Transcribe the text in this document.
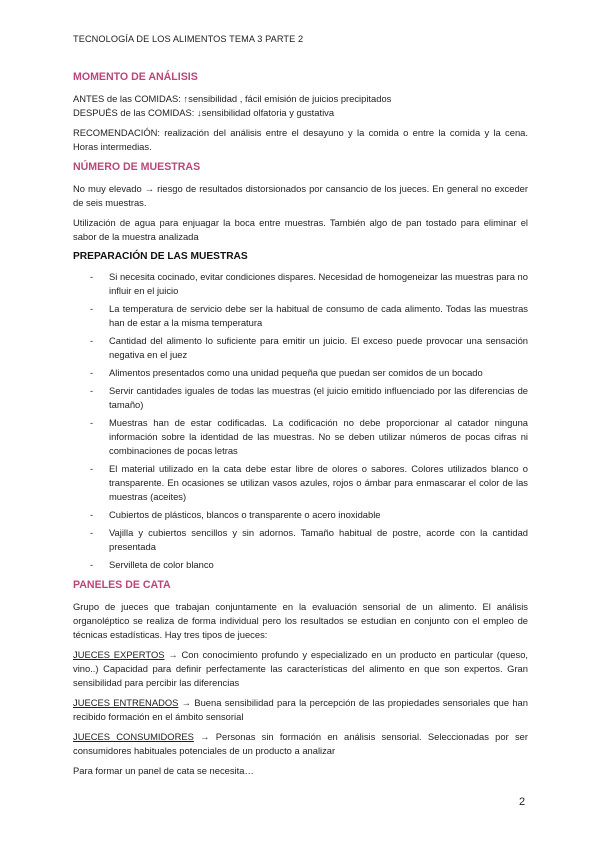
TECNOLOGÍA DE LOS ALIMENTOS TEMA 3 PARTE 2
MOMENTO DE ANÁLISIS

ANTES de las COMIDAS: ↑sensibilidad , fácil emisión de juicios precipitados

DESPUÉS de las COMIDAS: ↓sensibilidad olfatoria y gustativa

RECOMENDACIÓN: realización del análisis entre el desayuno y la comida o entre la comida y la cena. Horas intermedias.

NÚMERO DE MUESTRAS

No muy elevado → riesgo de resultados distorsionados por cansancio de los jueces. En general no exceder de seis muestras.

Utilización de agua para enjuagar la boca entre muestras. También algo de pan tostado para eliminar el sabor de la muestra analizada

PREPARACIÓN DE LAS MUESTRAS
- Si necesita cocinado, evitar condiciones dispares. Necesidad de homogeneizar las muestras para no influir en el juicio
- La temperatura de servicio debe ser la habitual de consumo de cada alimento. Todas las muestras han de estar a la misma temperatura
- Cantidad del alimento lo suficiente para emitir un juicio. El exceso puede provocar una sensación negativa en el juez
- Alimentos presentados como una unidad pequeña que puedan ser comidos de un bocado
- Servir cantidades iguales de todas las muestras (el juicio emitido influenciado por las diferencias de tamaño)
- Muestras han de estar codificadas. La codificación no debe proporcionar al catador ninguna información sobre la identidad de las muestras. No se deben utilizar números de pocas cifras ni combinaciones de pocas letras
- El material utilizado en la cata debe estar libre de olores o sabores. Colores utilizados blanco o transparente. En ocasiones se utilizan vasos azules, rojos o ámbar para enmascarar el color de las muestras (aceites)
- Cubiertos de plásticos, blancos o transparente o acero inoxidable
- Vajilla y cubiertos sencillos y sin adornos. Tamaño habitual de postre, acorde con la cantidad presentada
- Servilleta de color blanco
PANELES DE CATA

Grupo de jueces que trabajan conjuntamente en la evaluación sensorial de un alimento. El análisis organoléptico se realiza de forma individual pero los resultados se estudian en conjunto con el empleo de técnicas estadísticas. Hay tres tipos de jueces:

JUECES EXPERTOS → Con conocimiento profundo y especializado en un producto en particular (queso, vino..) Capacidad para definir perfectamente las características del alimento en que son expertos. Gran sensibilidad para percibir las diferencias

JUECES ENTRENADOS → Buena sensibilidad para la percepción de las propiedades sensoriales que han recibido formación en el ámbito sensorial

JUECES CONSUMIDORES → Personas sin formación en análisis sensorial. Seleccionadas por ser consumidores habituales potenciales de un producto a analizar

Para formar un panel de cata se necesita…

2
